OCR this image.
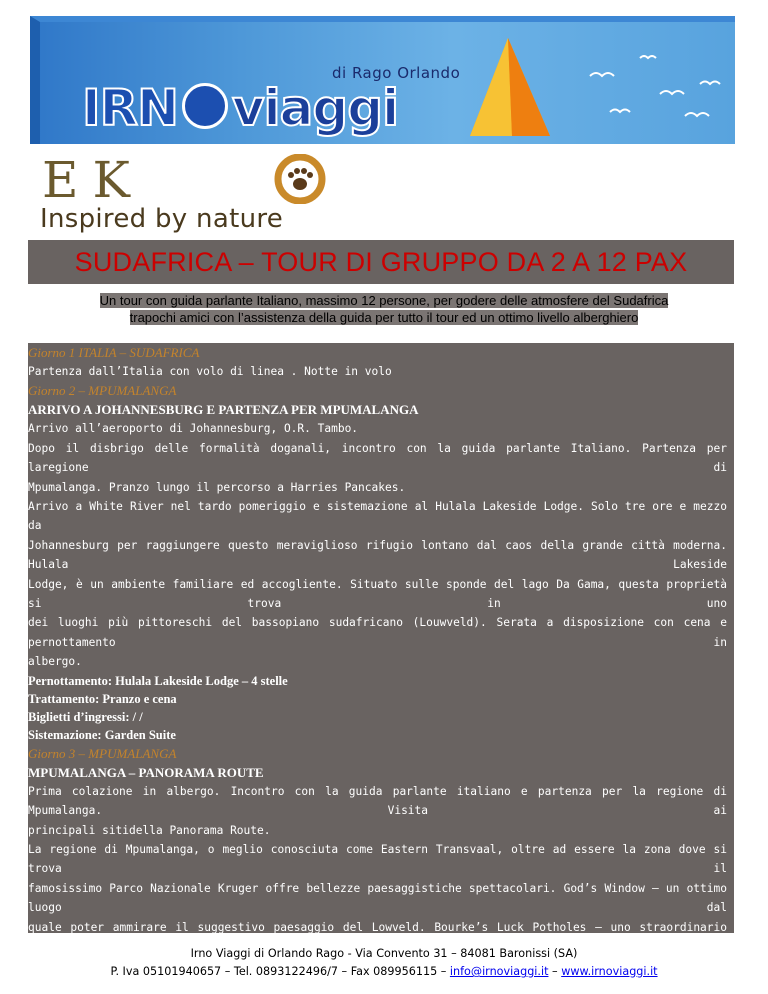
di Rago Orlando
IRN viaggi
EK
Inspired by nature
SUDAFRICA – TOUR DI GRUPPO DA 2 A 12 PAX
Un tour con guida parlante Italiano, massimo 12 persone, per godere delle atmosfere del Sudafrica
trapochi amici con l’assistenza della guida per tutto il tour ed un ottimo livello alberghiero
Giorno 1 ITALIA – SUDAFRICA
Partenza dall’Italia con volo di linea . Notte in volo
Giorno 2 – MPUMALANGA
ARRIVO A JOHANNESBURG E PARTENZA PER MPUMALANGA
Arrivo all’aeroporto di Johannesburg, O.R. Tambo.
Dopo il disbrigo delle formalità doganali, incontro con la guida parlante Italiano. Partenza per laregione di
Mpumalanga. Pranzo lungo il percorso a Harries Pancakes.
Arrivo a White River nel tardo pomeriggio e sistemazione al Hulala Lakeside Lodge. Solo tre ore e mezzo da
Johannesburg per raggiungere questo meraviglioso rifugio lontano dal caos della grande città moderna. Hulala Lakeside
Lodge, è un ambiente familiare ed accogliente. Situato sulle sponde del lago Da Gama, questa proprietà si trova in uno
dei luoghi più pittoreschi del bassopiano sudafricano (Louwveld). Serata a disposizione con cena e pernottamento in
albergo.
Pernottamento: Hulala Lakeside Lodge – 4 stelle
Trattamento: Pranzo e cena
Biglietti d’ingressi: / /
Sistemazione: Garden Suite
Giorno 3 – MPUMALANGA
MPUMALANGA – PANORAMA ROUTE
Prima colazione in albergo. Incontro con la guida parlante italiano e partenza per la regione di Mpumalanga. Visita ai
principali sitidella Panorama Route.
La regione di Mpumalanga, o meglio conosciuta come Eastern Transvaal, oltre ad essere la zona dove si trova il
famosissimo Parco Nazionale Kruger offre bellezze paesaggistiche spettacolari. God’s Window – un ottimo luogo dal
quale poter ammirare il suggestivo paesaggio del Lowveld. Bourke’s Luck Potholes – uno straordinario
Irno Viaggi di Orlando Rago - Via Convento 31 – 84081 Baronissi (SA)
P. Iva 05101940657 – Tel. 0893122496/7 – Fax 089956115 – info@irnoviaggi.it – www.irnoviaggi.it
